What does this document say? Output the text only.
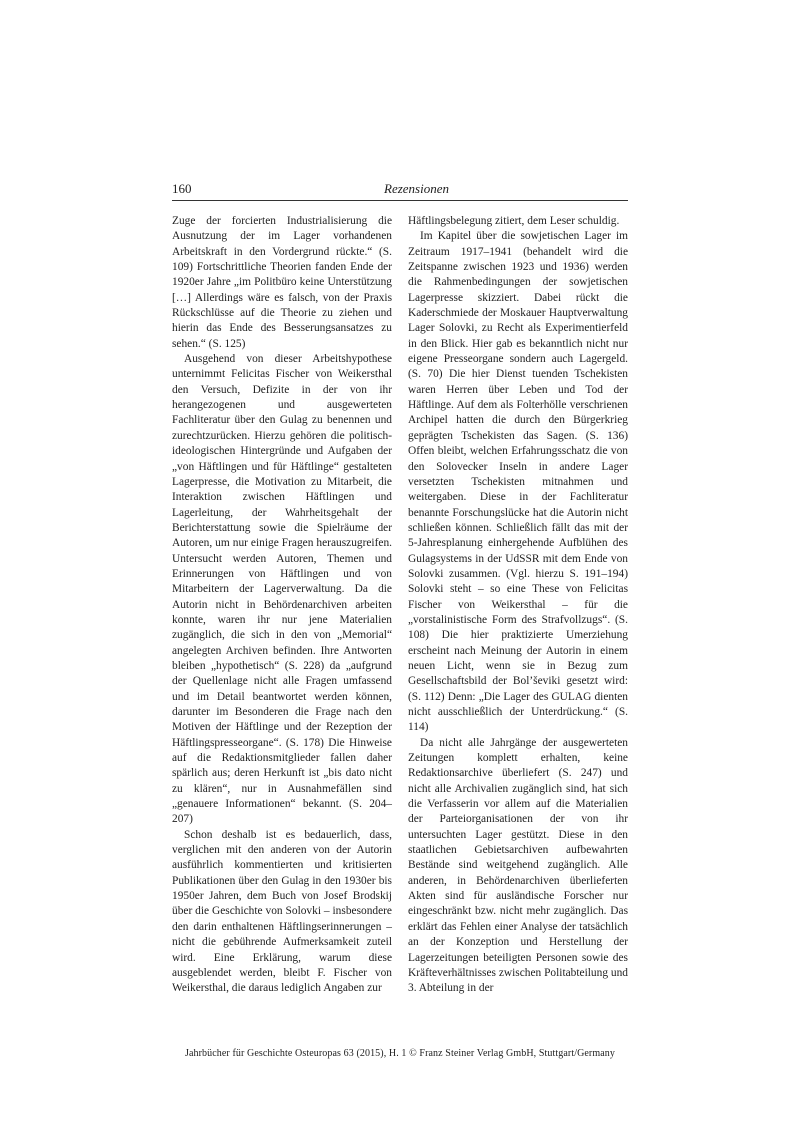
160	Rezensionen

Zuge der forcierten Industrialisierung die Ausnutzung der im Lager vorhandenen Arbeitskraft in den Vordergrund rückte.“ (S. 109) Fortschrittliche Theorien fanden Ende der 1920er Jahre „im Politbüro keine Unterstützung […] Allerdings wäre es falsch, von der Praxis Rückschlüsse auf die Theorie zu ziehen und hierin das Ende des Besserungsansatzes zu sehen.“ (S. 125)

Ausgehend von dieser Arbeitshypothese unternimmt Felicitas Fischer von Weikersthal den Versuch, Defizite in der von ihr herangezogenen und ausgewerteten Fachliteratur über den Gulag zu benennen und zurechtzurücken. Hierzu gehören die politisch-ideologischen Hintergründe und Aufgaben der „von Häftlingen und für Häftlinge“ gestalteten Lagerpresse, die Motivation zu Mitarbeit, die Interaktion zwischen Häftlingen und Lagerleitung, der Wahrheitsgehalt der Berichterstattung sowie die Spielräume der Autoren, um nur einige Fragen herauszugreifen. Untersucht werden Autoren, Themen und Erinnerungen von Häftlingen und von Mitarbeitern der Lagerverwaltung. Da die Autorin nicht in Behördenarchiven arbeiten konnte, waren ihr nur jene Materialien zugänglich, die sich in den von „Memorial“ angelegten Archiven befinden. Ihre Antworten bleiben „hypothetisch“ (S. 228) da „aufgrund der Quellenlage nicht alle Fragen umfassend und im Detail beantwortet werden können, darunter im Besonderen die Frage nach den Motiven der Häftlinge und der Rezeption der Häftlingspresseorgane“. (S. 178) Die Hinweise auf die Redaktionsmitglieder fallen daher spärlich aus; deren Herkunft ist „bis dato nicht zu klären“, nur in Ausnahmefällen sind „genauere Informationen“ bekannt. (S. 204–207)

Schon deshalb ist es bedauerlich, dass, verglichen mit den anderen von der Autorin ausführlich kommentierten und kritisierten Publikationen über den Gulag in den 1930er bis 1950er Jahren, dem Buch von Josef Brodskij über die Geschichte von Solovki – insbesondere den darin enthaltenen Häftlingserinnerungen – nicht die gebührende Aufmerksamkeit zuteil wird. Eine Erklärung, warum diese ausgeblendet werden, bleibt F. Fischer von Weikersthal, die daraus lediglich Angaben zur

Häftlingsbelegung zitiert, dem Leser schuldig.

Im Kapitel über die sowjetischen Lager im Zeitraum 1917–1941 (behandelt wird die Zeitspanne zwischen 1923 und 1936) werden die Rahmenbedingungen der sowjetischen Lagerpresse skizziert. Dabei rückt die Kaderschmiede der Moskauer Hauptverwaltung Lager Solovki, zu Recht als Experimentierfeld in den Blick. Hier gab es bekanntlich nicht nur eigene Presseorgane sondern auch Lagergeld. (S. 70) Die hier Dienst tuenden Tschekisten waren Herren über Leben und Tod der Häftlinge. Auf dem als Folterhölle verschrienen Archipel hatten die durch den Bürgerkrieg geprägten Tschekisten das Sagen. (S. 136) Offen bleibt, welchen Erfahrungsschatz die von den Solovecker Inseln in andere Lager versetzten Tschekisten mitnahmen und weitergaben. Diese in der Fachliteratur benannte Forschungslücke hat die Autorin nicht schließen können. Schließlich fällt das mit der 5-Jahresplanung einhergehende Aufblühen des Gulagsystems in der UdSSR mit dem Ende von Solovki zusammen. (Vgl. hierzu S. 191–194) Solovki steht – so eine These von Felicitas Fischer von Weikersthal – für die „vorstalinistische Form des Strafvollzugs“. (S. 108) Die hier praktizierte Umerziehung erscheint nach Meinung der Autorin in einem neuen Licht, wenn sie in Bezug zum Gesellschaftsbild der Bol’ševiki gesetzt wird: (S. 112) Denn: „Die Lager des GULAG dienten nicht ausschließlich der Unterdrückung.“ (S. 114)

Da nicht alle Jahrgänge der ausgewerteten Zeitungen komplett erhalten, keine Redaktionsarchive überliefert (S. 247) und nicht alle Archivalien zugänglich sind, hat sich die Verfasserin vor allem auf die Materialien der Parteiorganisationen der von ihr untersuchten Lager gestützt. Diese in den staatlichen Gebietsarchiven aufbewahrten Bestände sind weitgehend zugänglich. Alle anderen, in Behördenarchiven überlieferten Akten sind für ausländische Forscher nur eingeschränkt bzw. nicht mehr zugänglich. Das erklärt das Fehlen einer Analyse der tatsächlich an der Konzeption und Herstellung der Lagerzeitungen beteiligten Personen sowie des Kräfteverhältnisses zwischen Politabteilung und 3. Abteilung in der

Jahrbücher für Geschichte Osteuropas 63 (2015), H. 1 © Franz Steiner Verlag GmbH, Stuttgart/Germany
